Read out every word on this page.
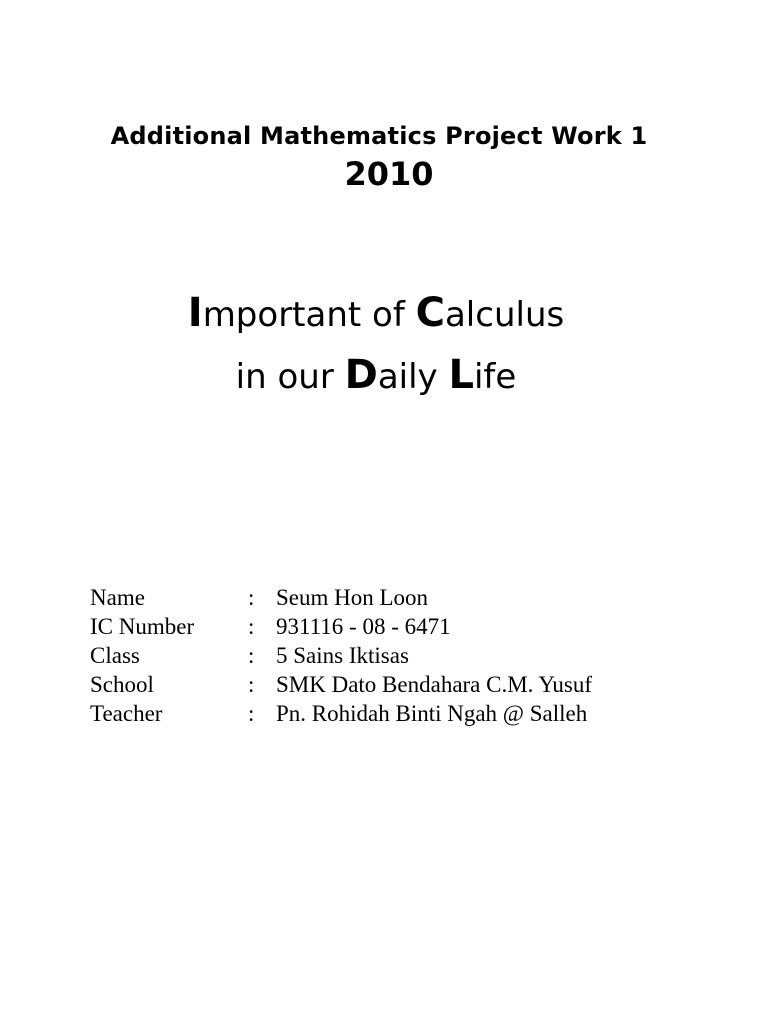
Additional Mathematics Project Work 1
2010
Important of Calculus
in our Daily Life
Name	: Seum Hon Loon
IC Number : 931116 - 08 - 6471
Class	: 5 Sains Iktisas
School	: SMK Dato Bendahara C.M. Yusuf
Teacher	: Pn. Rohidah Binti Ngah @ Salleh
